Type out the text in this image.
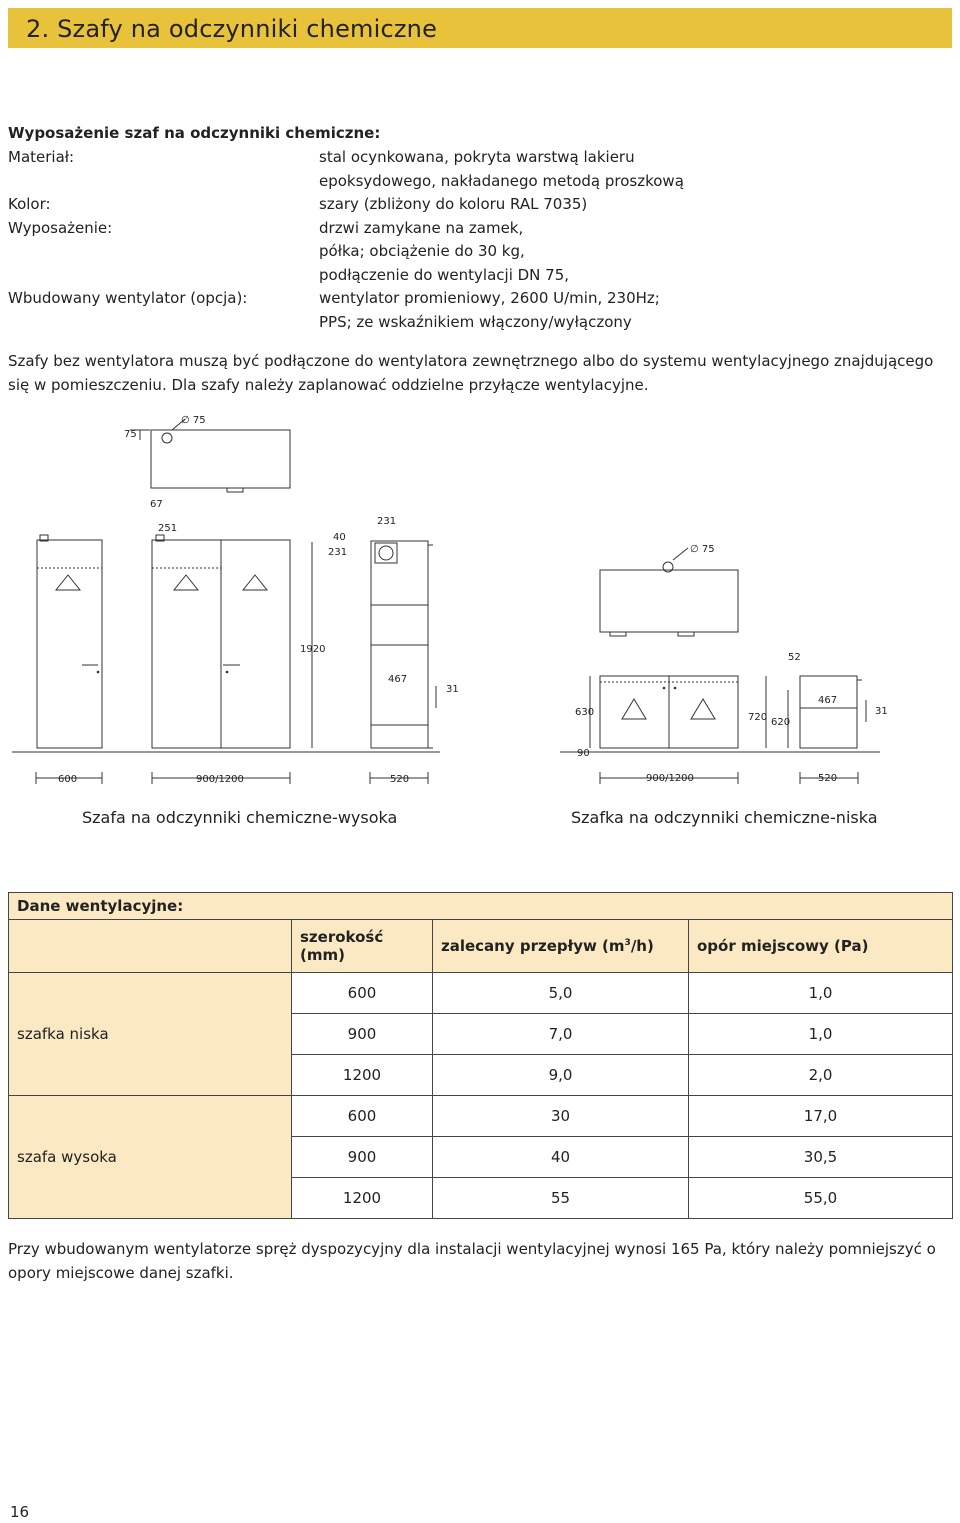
2. Szafy na odczynniki chemiczne
Wyposażenie szaf na odczynniki chemiczne:
Materiał:	stal ocynkowana, pokryta warstwą lakieru
epoksydowego, nakładanego metodą proszkową
Kolor:	szary (zbliżony do koloru RAL 7035)
Wyposażenie:	drzwi zamykane na zamek,
półka; obciążenie do 30 kg,
podłączenie do wentylacji DN 75,
Wbudowany wentylator (opcja):	wentylator promieniowy, 2600 U/min, 230Hz;
PPS; ze wskaźnikiem włączony/wyłączony
Szafy bez wentylatora muszą być podłączone do wentylatora zewnętrznego albo do systemu wentylacyjnego znajdującego się w pomieszczeniu. Dla szafy należy zaplanować oddzielne przyłącze wentylacyjne.
75
∅ 75
67
251
40
231
231
∅ 75
1920
467
31
52
630	720 620
467
31
90
600	900/1200	520	900/1200	520
Szafa na odczynniki chemiczne-wysoka	Szafka na odczynniki chemiczne-niska
Dane wentylacyjne:			
	szerokość (mm)	zalecany przepływ $(m^3/h)$	opór miejscowy (Pa)
szafka niska	600	5,0	1,0
	900	7,0	1,0
	1200	9,0	2,0
szafa wysoka	600	30	17,0
	900	40	30,5
	1200	55	55,0
Przy wbudowanym wentylatorze spręż dyspozycyjny dla instalacji wentylacyjnej wynosi 165 Pa, który należy pomniejszyć o opory miejscowe danej szafki.
16
